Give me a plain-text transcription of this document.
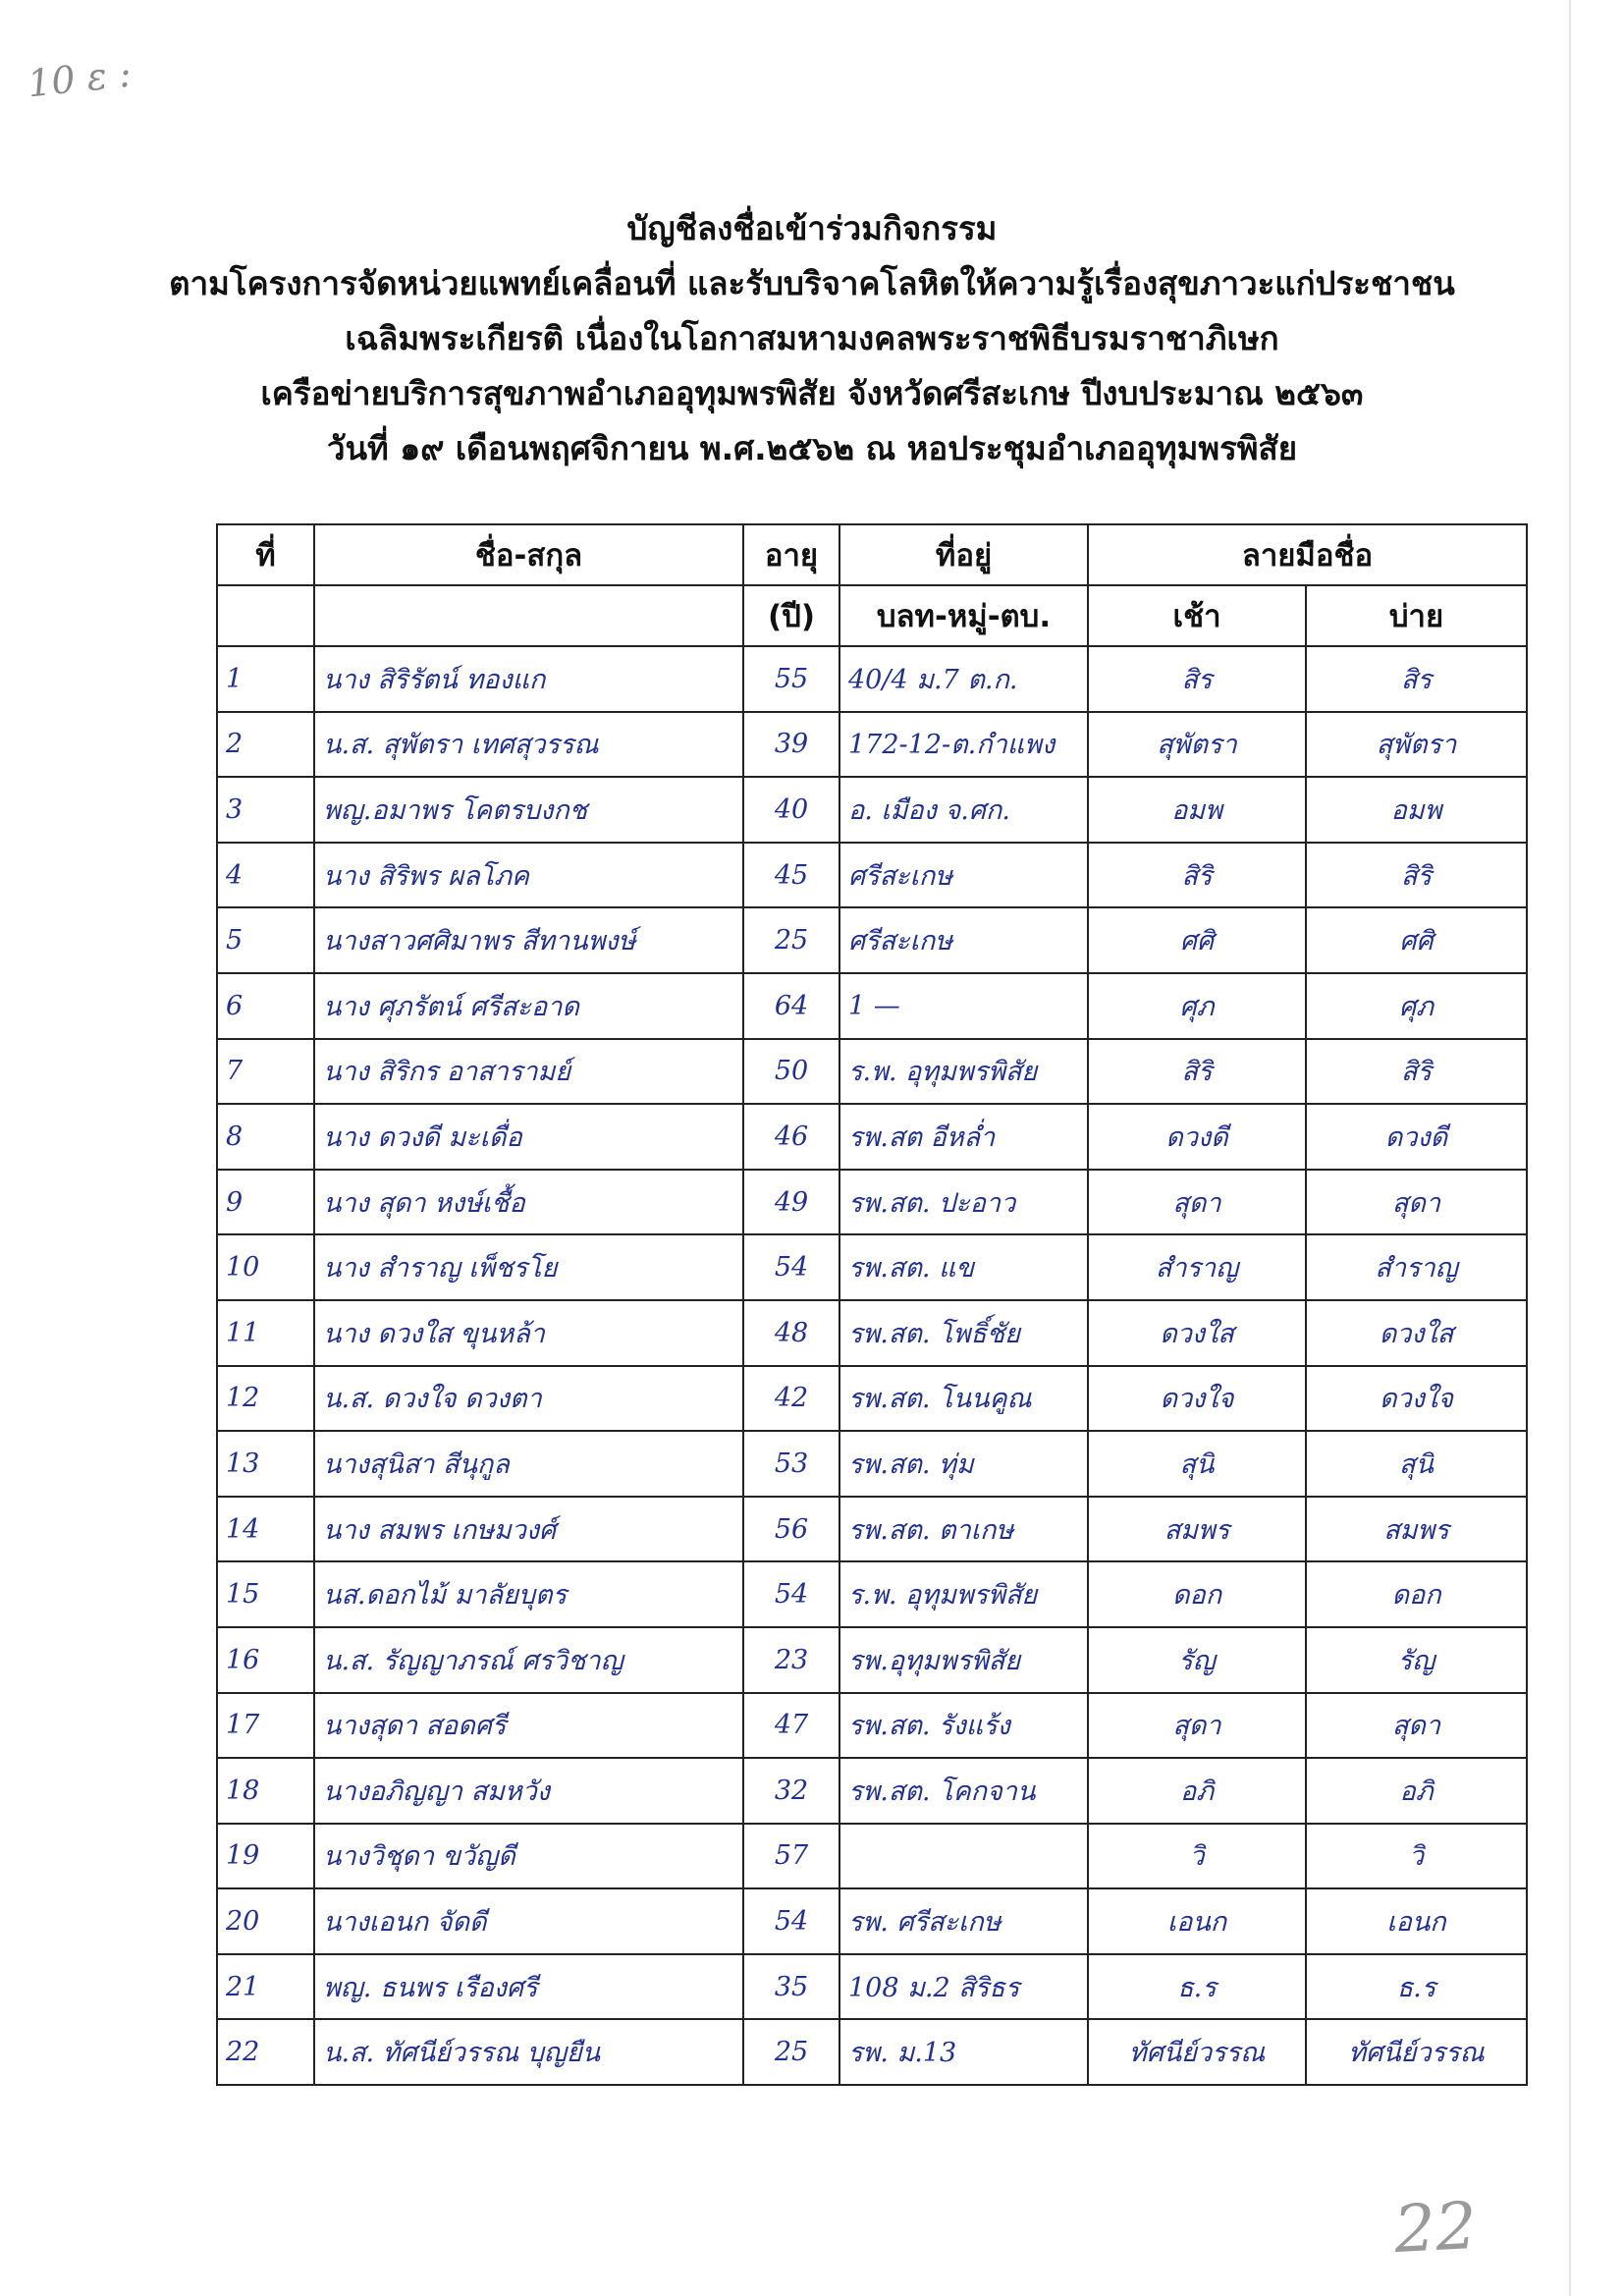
10 ε :
บัญชีลงชื่อเข้าร่วมกิจกรรม
ตามโครงการจัดหน่วยแพทย์เคลื่อนที่ และรับบริจาคโลหิตให้ความรู้เรื่องสุขภาวะแก่ประชาชน
เฉลิมพระเกียรติ เนื่องในโอกาสมหามงคลพระราชพิธีบรมราชาภิเษก
เครือข่ายบริการสุขภาพอำเภออุทุมพรพิสัย จังหวัดศรีสะเกษ ปีงบประมาณ ๒๕๖๓
วันที่ ๑๙ เดือนพฤศจิกายน พ.ศ.๒๕๖๒ ณ หอประชุมอำเภออุทุมพรพิสัย
ที่	ชื่อ-สกุล	อายุ	ที่อยู่	ลายมือชื่อ	
		(ปี)	บลท-หมู่-ตบ.	เช้า	บ่าย
1	นาง สิริรัตน์ ทองแก	55	40/4 ม.7 ต.ก.	สิร	สิร
2	น.ส. สุพัตรา เทศสุวรรณ	39	172-12-ต.กำแพง	สุพัตรา	สุพัตรา
3	พญ.อมาพร โคตรบงกช	40	อ. เมือง จ.ศก.	อมพ	อมพ
4	นาง สิริพร ผลโภค	45	ศรีสะเกษ	สิริ	สิริ
5	นางสาวศศิมาพร สีทานพงษ์	25	ศรีสะเกษ	ศศิ	ศศิ
6	นาง ศุภรัตน์ ศรีสะอาด	64	1 —	ศุภ	ศุภ
7	นาง สิริกร อาสารามย์	50	ร.พ. อุทุมพรพิสัย	สิริ	สิริ
8	นาง ดวงดี มะเดื่อ	46	รพ.สต อีหล่ำ	ดวงดี	ดวงดี
9	นาง สุดา หงษ์เชื้อ	49	รพ.สต. ปะอาว	สุดา	สุดา
10	นาง สำราญ เพ็ชรโย	54	รพ.สต. แข	สำราญ	สำราญ
11	นาง ดวงใส ขุนหล้า	48	รพ.สต. โพธิ์ชัย	ดวงใส	ดวงใส
12	น.ส. ดวงใจ ดวงตา	42	รพ.สต. โนนคูณ	ดวงใจ	ดวงใจ
13	นางสุนิสา สีนุกูล	53	รพ.สต. ทุ่ม	สุนิ	สุนิ
14	นาง สมพร เกษมวงศ์	56	รพ.สต. ตาเกษ	สมพร	สมพร
15	นส.ดอกไม้ มาลัยบุตร	54	ร.พ. อุทุมพรพิสัย	ดอก	ดอก
16	น.ส. รัญญาภรณ์ ศรวิชาญ	23	รพ.อุทุมพรพิสัย	รัญ	รัญ
17	นางสุดา สอดศรี	47	รพ.สต. รังแร้ง	สุดา	สุดา
18	นางอภิญญา สมหวัง	32	รพ.สต. โคกจาน	อภิ	อภิ
19	นางวิชุดา ขวัญดี	57		วิ	วิ
20	นางเอนก จัดดี	54	รพ. ศรีสะเกษ	เอนก	เอนก
21	พญ. ธนพร เรืองศรี	35	108 ม.2 สิริธร	ธ.ร	ธ.ร
22	น.ส. ทัศนีย์วรรณ บุญยืน	25	รพ. ม.13	ทัศนีย์วรรณ	ทัศนีย์วรรณ
22
